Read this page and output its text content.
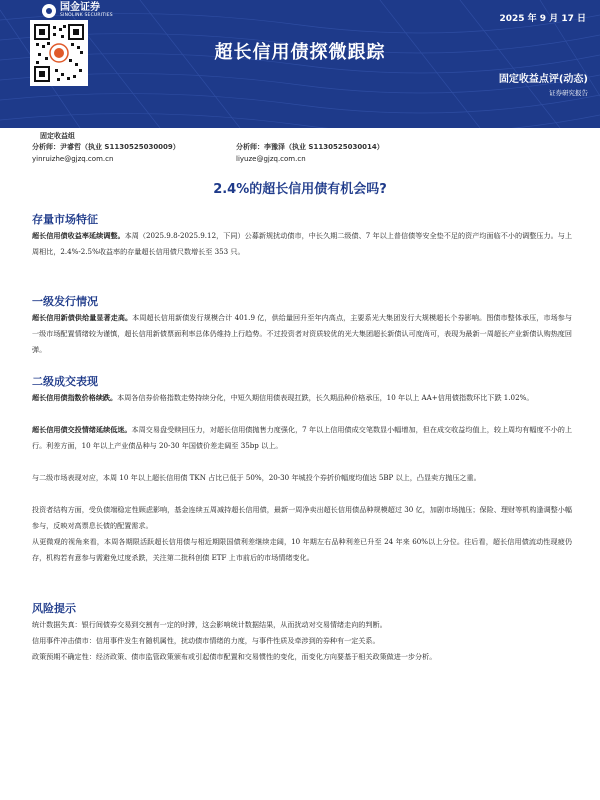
国金证券
SINOLINK SECURITIES	2025 年 9 月 17 日
超长信用债探微跟踪
固定收益点评(动态)
证券研究报告
固定收益组
分析师：尹睿哲（执业 S1130525030009）
yinruizhe@gjzq.com.cn
分析师：李豫泽（执业 S1130525030014）
liyuze@gjzq.com.cn
2.4%的超长信用债有机会吗?
存量市场特征
超长信用债收益率延续调整。本周（2025.9.8-2025.9.12，下同）公募新规扰动债市，中长久期二级债、7 年以上普信债等安全垫不足的资产均面临不小的调整压力。与上周相比，2.4%-2.5%收益率的存量超长信用债尺数增长至 353 只。
一级发行情况
超长信用新债供给量显著走高。本周超长信用新债发行规模合计 401.9 亿，供给量回升至年内高点，主要系光大集团发行大规模超长个券影响。图债市整体承压，市场参与一级市场配置情绪较为谨慎，超长信用新债票面利率总体仍维持上行趋势。不过投资者对资质较优的光大集团超长新债认可度尚可，表现为最新一周超长产业新债认购热度回弹。
二级成交表现
超长信用债指数价格续跌。本周各信券价格指数走势持续分化，中短久期信用债表现扛跌，长久期品种价格承压，10 年以上 AA+信用债指数环比下跌 1.02%。
超长信用债交投情绪延续低迷。本周交易盘受赎回压力，对超长信用债抛售力度强化，7 年以上信用债成交笔数显小幅增加，但在成交收益均值上，较上周均有幅度不小的上行。利差方面，10 年以上产业债品种与 20-30 年国债价差走阔至 35bp 以上。
与二级市场表现对应，本周 10 年以上超长信用债 TKN 占比已低于 50%，20-30 年城投个券折价幅度均值达 5BP 以上，凸显卖方抛压之重。
投资者结构方面，受负债端稳定性顾虑影响，基金连续五周减持超长信用债，最新一周净卖出超长信用债品种规模超过 30 亿，加剧市场抛压；保险、理财等机构逢调整小幅参与，反映对高票息长债的配置需求。
从更微观的视角来看，本周各期限活跃超长信用债与相近期限国债利差继续走阔，10 年期左右品种利差已升至 24 年来 60%以上分位。往后看，超长信用债流动性现疲仍存，机构若有意参与需避免过度杀跌，关注第二批科创债 ETF 上市前后的市场情绪变化。
风险提示
统计数据失真：银行间债券交易到交割有一定的时滞，这会影响统计数据结果，从而扰动对交易情绪走向的判断。
信用事件冲击债市：信用事件发生有随机属性，扰动债市情绪的力度，与事件性质及牵涉到的券种有一定关系。
政策预期不确定性：经济政策、债市监管政策颁布或引起债市配置和交易惯性的变化，而变化方向要基于相关政策做进一步分析。
